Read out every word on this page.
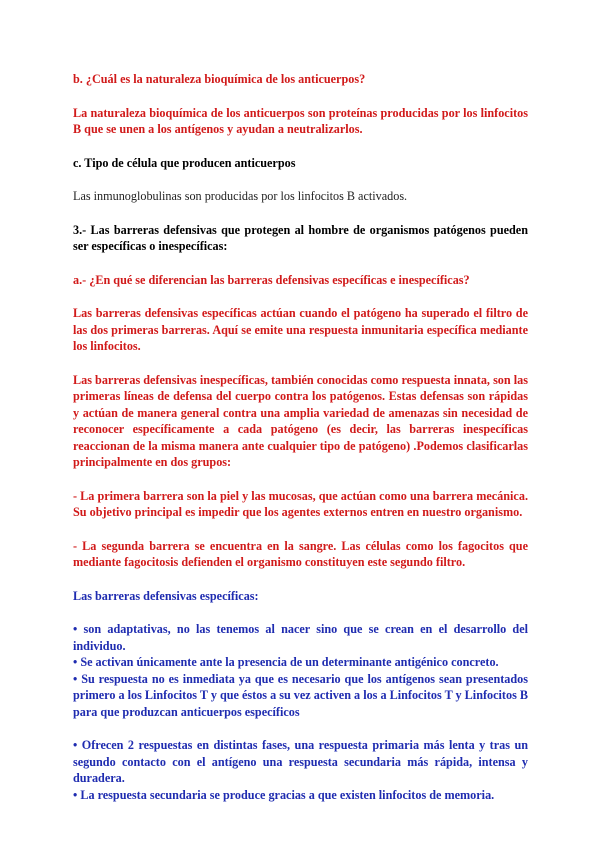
b. ¿Cuál es la naturaleza bioquímica de los anticuerpos?

La naturaleza bioquímica de los anticuerpos son proteínas producidas por los linfocitos B que se unen a los antígenos y ayudan a neutralizarlos.

c. Tipo de célula que producen anticuerpos

Las inmunoglobulinas son producidas por los linfocitos B activados.

3.- Las barreras defensivas que protegen al hombre de organismos patógenos pueden ser específicas o inespecíficas:

a.- ¿En qué se diferencian las barreras defensivas específicas e inespecíficas?

Las barreras defensivas específicas actúan cuando el patógeno ha superado el filtro de las dos primeras barreras. Aquí se emite una respuesta inmunitaria específica mediante los linfocitos.

Las barreras defensivas inespecíficas, también conocidas como respuesta innata, son las primeras líneas de defensa del cuerpo contra los patógenos. Estas defensas son rápidas y actúan de manera general contra una amplia variedad de amenazas sin necesidad de reconocer específicamente a cada patógeno (es decir, las barreras inespecíficas reaccionan de la misma manera ante cualquier tipo de patógeno) .Podemos clasificarlas principalmente en dos grupos:

- La primera barrera son la piel y las mucosas, que actúan como una barrera mecánica. Su objetivo principal es impedir que los agentes externos entren en nuestro organismo.

- La segunda barrera se encuentra en la sangre. Las células como los fagocitos que mediante fagocitosis defienden el organismo constituyen este segundo filtro.

Las barreras defensivas específicas:

• son adaptativas, no las tenemos al nacer sino que se crean en el desarrollo del individuo.

• Se activan únicamente ante la presencia de un determinante antigénico concreto.

• Su respuesta no es inmediata ya que es necesario que los antígenos sean presentados primero a los Linfocitos T y que éstos a su vez activen a los a Linfocitos T y Linfocitos B para que produzcan anticuerpos específicos

• Ofrecen 2 respuestas en distintas fases, una respuesta primaria más lenta y tras un segundo contacto con el antígeno una respuesta secundaria más rápida, intensa y duradera.

• La respuesta secundaria se produce gracias a que existen linfocitos de memoria.
